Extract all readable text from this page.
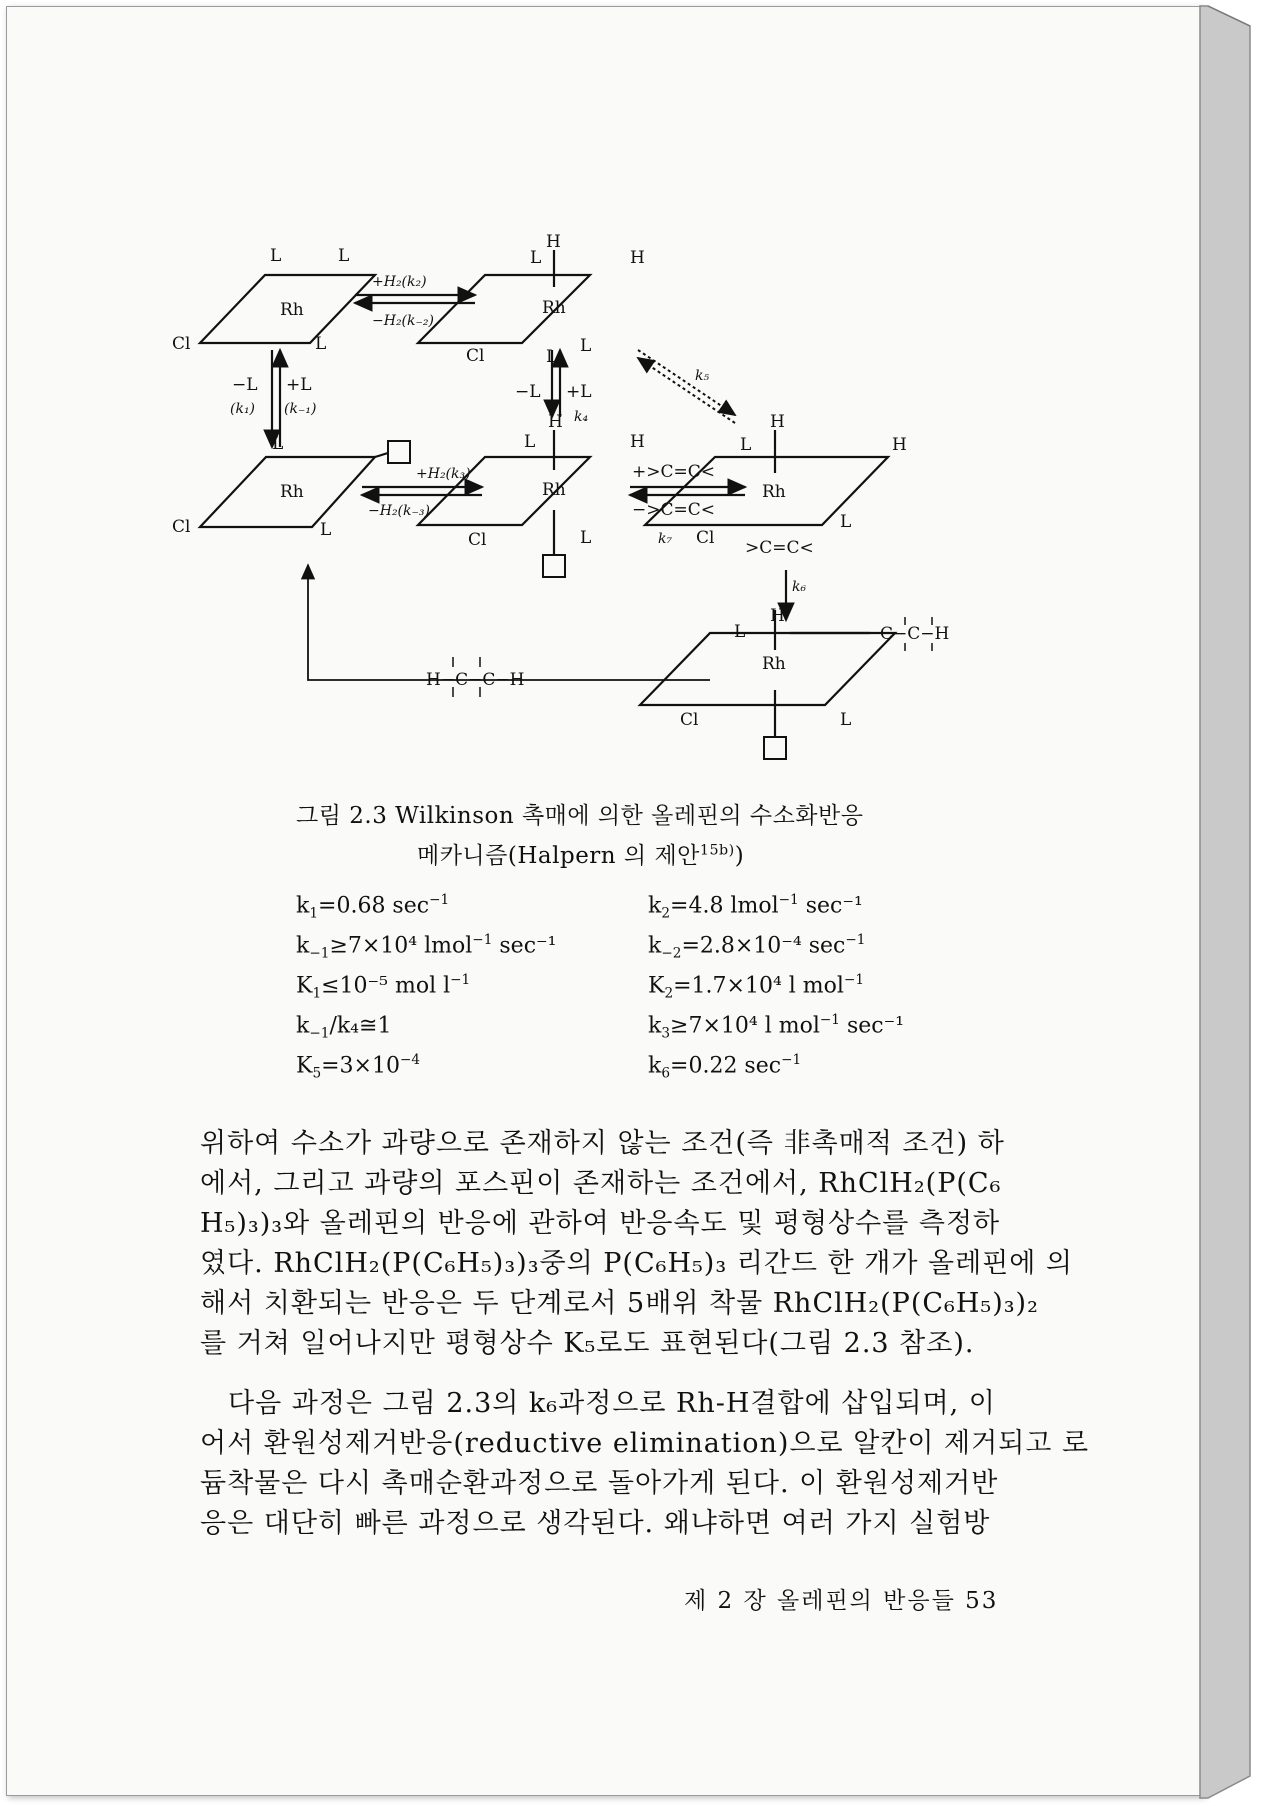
L	L
Rh
Cl	L
+H₂(k₂)
−H₂(k₋₂)
L
H
H
Rh
Cl	L
L
−L +L
(k₁) (k₋₁)
−L +L
k₄
k₅
L
Rh
Cl	L
+H₂(k₃)
−H₂(k₋₃)
L
H
H
Rh
Cl	L
+>C=C<
−>C=C<
k₇
L
H
H
Rh
Cl
L
>C=C<
k₆
H−C−C−H
L
H
C−C−H
Rh
Cl	L
그림 2.3 Wilkinson 촉매에 의한 올레핀의 수소화반응
메카니즘(Halpern 의 제안$^{15b)}$)
$k_1=0.68$ $\sec^{-1}$	$k_2=4.8$ lmol$^{-1}$ sec⁻¹
$k_{-1}\ge 7\times 10^4$ lmol$^{-1}$ sec⁻¹	$k_{-2}=2.8\times 10^{-4}$ $\sec^{-1}$
$K_1\le 10^{-5}$ mol $l^{-1}$	$K_2=1.7\times 10^4$ l mol$^{-1}$
$k_{-1}/k_4≅1$	$k_3\ge 7\times 10^4$ l mol$^{-1}$ sec⁻¹
$K_5=3\times 10^{-4}$	$k_6=0.22$ $\sec^{-1}$
위하여 수소가 과량으로 존재하지 않는 조건(즉 非촉매적 조건) 하
에서, 그리고 과량의 포스핀이 존재하는 조건에서, RhClH₂(P(C₆
H₅)₃)₃와 올레핀의 반응에 관하여 반응속도 및 평형상수를 측정하
였다. RhClH₂(P(C₆H₅)₃)₃중의 P(C₆H₅)₃ 리간드 한 개가 올레핀에 의
해서 치환되는 반응은 두 단계로서 5배위 착물 RhClH₂(P(C₆H₅)₃)₂
를 거쳐 일어나지만 평형상수 K₅로도 표현된다(그림 2.3 참조).
다음 과정은 그림 2.3의 k₆과정으로 Rh-H결합에 삽입되며, 이
어서 환원성제거반응(reductive elimination)으로 알칸이 제거되고 로
듐착물은 다시 촉매순환과정으로 돌아가게 된다. 이 환원성제거반
응은 대단히 빠른 과정으로 생각된다. 왜냐하면 여러 가지 실험방
제 2 장 올레핀의 반응들 53
